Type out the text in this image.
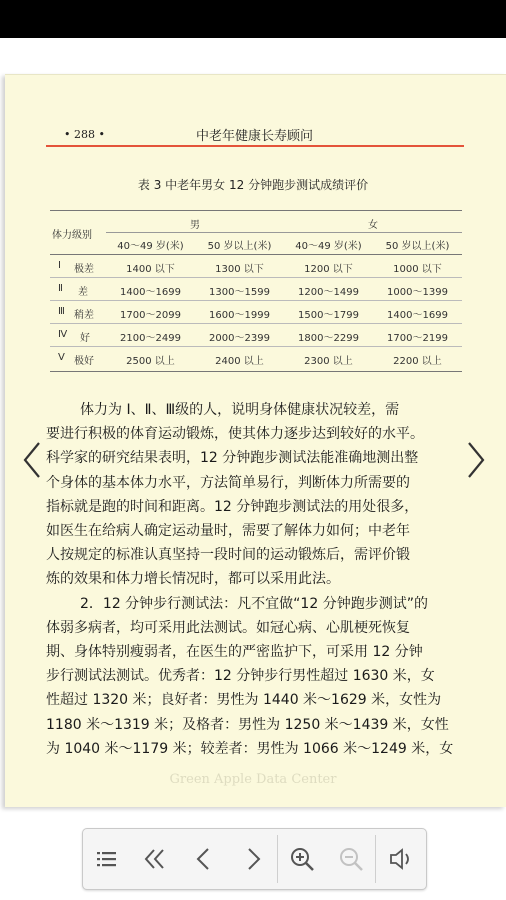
• 288 •	中老年健康长寿顾问
表 3 中老年男女 12 分钟跑步测试成绩评价
体力级别
男	女
40～49 岁(米)	50 岁以上(米)	40～49 岁(米)	50 岁以上(米)
Ⅰ 极差	1400 以下	1300 以下	1200 以下	1000 以下
Ⅱ 差	1400～1699	1300～1599	1200～1499	1000～1399
Ⅲ 稍差	1700～2099	1600～1999	1500～1799	1400～1699
Ⅳ 好	2100～2499	2000～2399	1800～2299	1700～2199
Ⅴ 极好	2500 以上	2400 以上	2300 以上	2200 以上
体力为 Ⅰ、Ⅱ、Ⅲ级的人，说明身体健康状况较差，需
要进行积极的体育运动锻炼，使其体力逐步达到较好的水平。
科学家的研究结果表明，12 分钟跑步测试法能准确地测出整
个身体的基本体力水平，方法简单易行，判断体力所需要的
指标就是跑的时间和距离。12 分钟跑步测试法的用处很多，
如医生在给病人确定运动量时，需要了解体力如何；中老年
人按规定的标准认真坚持一段时间的运动锻炼后，需评价锻
炼的效果和体力增长情况时，都可以采用此法。
2．12 分钟步行测试法：凡不宜做“12 分钟跑步测试”的
体弱多病者，均可采用此法测试。如冠心病、心肌梗死恢复
期、身体特别瘦弱者，在医生的严密监护下，可采用 12 分钟
步行测试法测试。优秀者：12 分钟步行男性超过 1630 米，女
性超过 1320 米；良好者：男性为 1440 米～1629 米，女性为
1180 米～1319 米；及格者：男性为 1250 米～1439 米，女性
为 1040 米～1179 米；较差者：男性为 1066 米～1249 米，女
Green Apple Data Center
